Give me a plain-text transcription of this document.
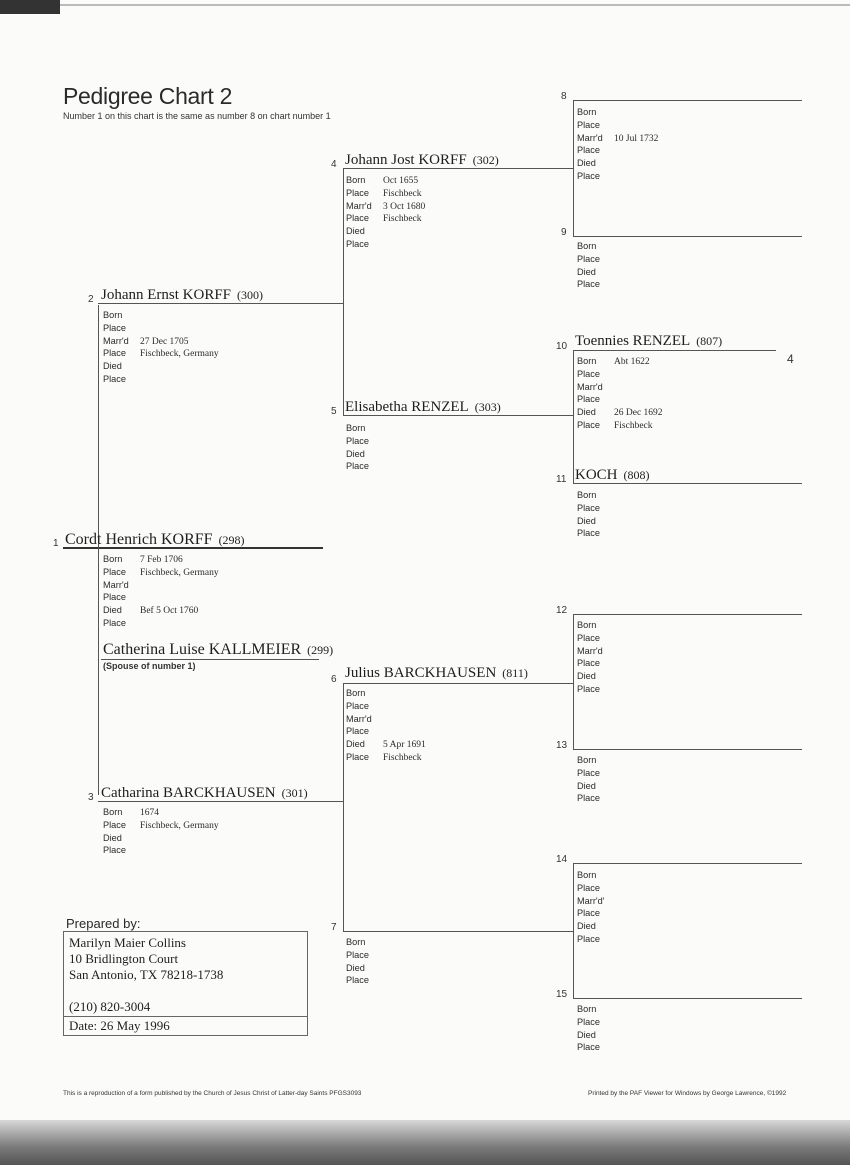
Pedigree Chart 2
Number 1 on this chart is the same as number 8 on chart number 1
4
1 Cordt Henrich KORFF (298)
Born 7 Feb 1706
Place Fischbeck, Germany
Marr'd
Place
Died Bef 5 Oct 1760
Place
Catherina Luise KALLMEIER (299)
(Spouse of number 1)
2 Johann Ernst KORFF (300)
Born
Place
Marr'd 27 Dec 1705
Place Fischbeck, Germany
Died
Place
3 Catharina BARCKHAUSEN (301)
Born 1674
Place Fischbeck, Germany
Died
Place
4 Johann Jost KORFF (302)
Born Oct 1655
Place Fischbeck
Marr'd 3 Oct 1680
Place Fischbeck
Died
Place
5 Elisabetha RENZEL (303)
Born
Place
Died
Place
6 Julius BARCKHAUSEN (811)
Born
Place
Marr'd
Place
Died 5 Apr 1691
Place Fischbeck
7
Born
Place
Died
Place
8
Born
Place
Marr'd 10 Jul 1732
Place
Died
Place
9
Born
Place
Died
Place
10 Toennies RENZEL (807)
Born Abt 1622
Place
Marr'd
Place
Died 26 Dec 1692
Place Fischbeck
11 KOCH (808)
Born
Place
Died
Place
12
Born
Place
Marr'd
Place
Died
Place
13
Born
Place
Died
Place
14
Born
Place
Marr'd'
Place
Died
Place
15
Born
Place
Died
Place
Prepared by:
Marilyn Maier Collins
10 Bridlington Court
San Antonio, TX 78218-1738
(210) 820-3004
Date: 26 May 1996
This is a reproduction of a form published by the Church of Jesus Christ of Latter-day Saints PFGS3093	Printed by the PAF Viewer for Windows by George Lawrence, ©1992
